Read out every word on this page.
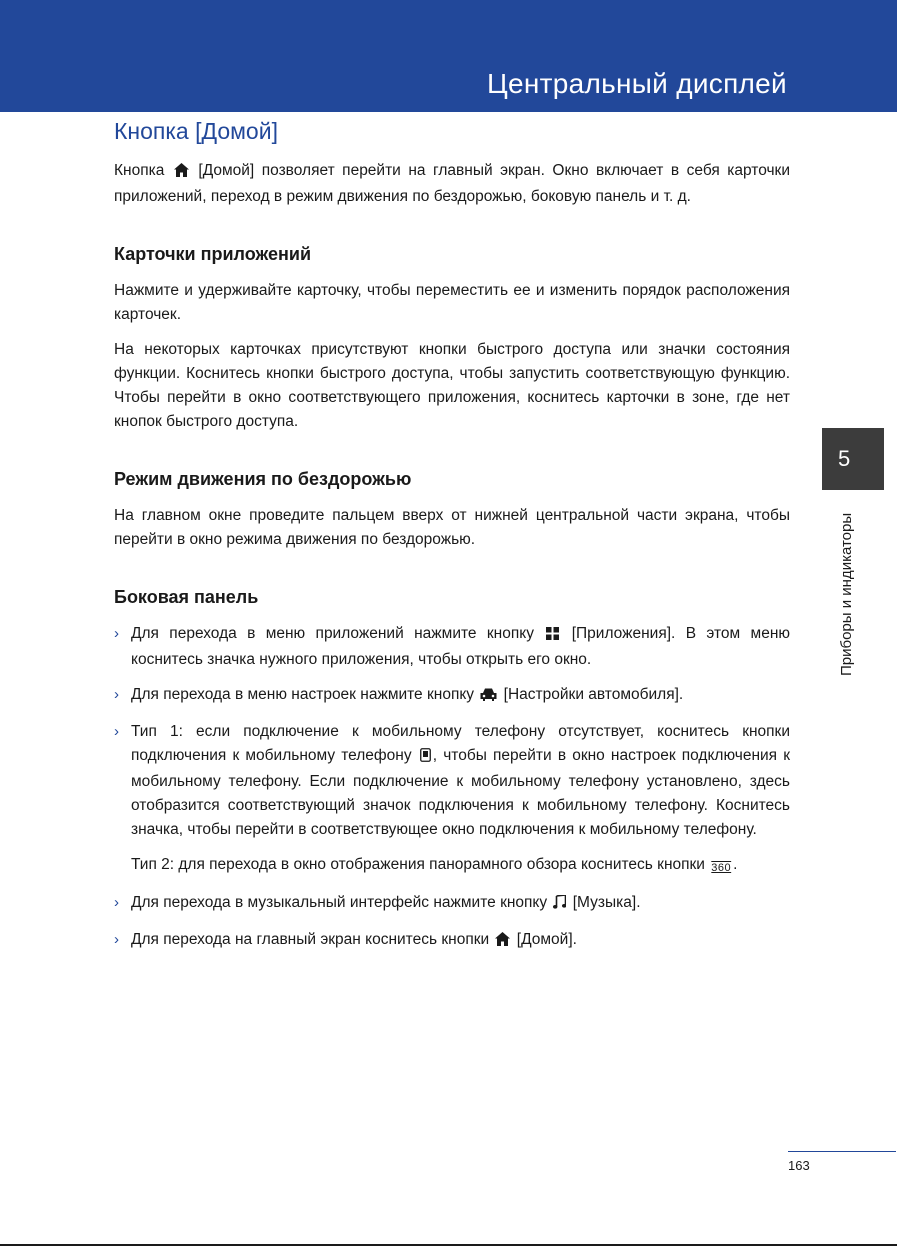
Центральный дисплей
Кнопка [Домой]

Кнопка [Домой] позволяет перейти на главный экран. Окно включает в себя карточки приложений, переход в режим движения по бездорожью, боковую панель и т. д.

Карточки приложений

Нажмите и удерживайте карточку, чтобы переместить ее и изменить порядок расположения карточек.

На некоторых карточках присутствуют кнопки быстрого доступа или значки состояния функции. Коснитесь кнопки быстрого доступа, чтобы запустить соответствующую функцию. Чтобы перейти в окно соответствующего приложения, коснитесь карточки в зоне, где нет кнопок быстрого доступа.

Режим движения по бездорожью

На главном окне проведите пальцем вверх от нижней центральной части экрана, чтобы перейти в окно режима движения по бездорожью.

Боковая панель
› Для перехода в меню приложений нажмите кнопку [Приложения]. В этом меню коснитесь значка нужного приложения, чтобы открыть его окно.
› Для перехода в меню настроек нажмите кнопку [Настройки автомобиля].
› Тип 1: если подключение к мобильному телефону отсутствует, коснитесь кнопки подключения к мобильному телефону , чтобы перейти в окно настроек подключения к мобильному телефону. Если подключение к мобильному телефону установлено, здесь отобразится соответствующий значок подключения к мобильному телефону. Коснитесь значка, чтобы перейти в соответствующее окно подключения к мобильному телефону.

Тип 2: для перехода в окно отображения панорамного обзора коснитесь кнопки 360 .

› Для перехода в музыкальный интерфейс нажмите кнопку [Музыка].
› Для перехода на главный экран коснитесь кнопки [Домой].
5
Приборы и индикаторы
163
